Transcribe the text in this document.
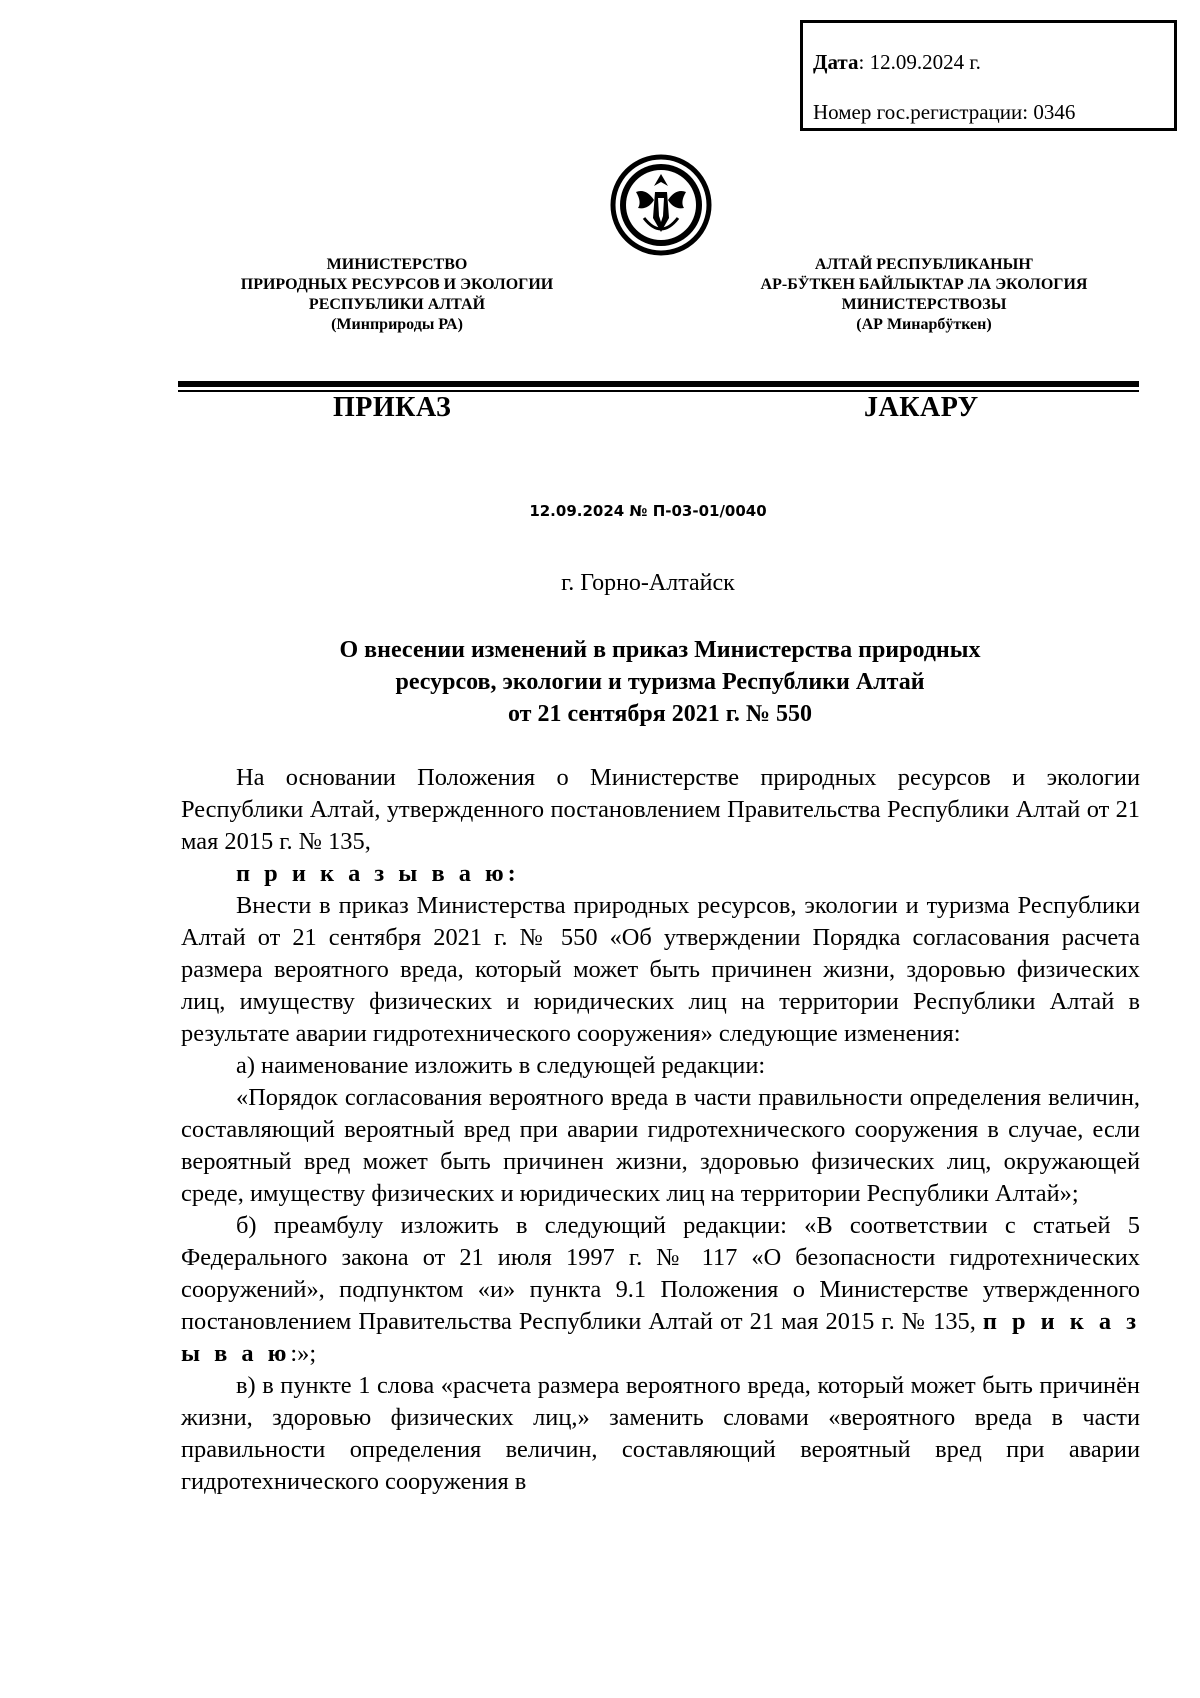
Дата: 12.09.2024 г.
Номер гос.регистрации: 0346
МИНИСТЕРСТВО
ПРИРОДНЫХ РЕСУРСОВ И ЭКОЛОГИИ
РЕСПУБЛИКИ АЛТАЙ
(Минприроды РА)
АЛТАЙ РЕСПУБЛИКАНЫҤ
АР-БӰТКЕН БАЙЛЫКТАР ЛА ЭКОЛОГИЯ
МИНИСТЕРСТВОЗЫ
(АР Минарбӱткен)
ПРИКАЗ	JАКАРУ
12.09.2024 № П-03-01/0040
г. Горно-Алтайск
О внесении изменений в приказ Министерства природных
ресурсов, экологии и туризма Республики Алтай
от 21 сентября 2021 г. № 550

На основании Положения о Министерстве природных ресурсов и экологии Республики Алтай, утвержденного постановлением Правительства Республики Алтай от 21 мая 2015 г. № 135,

п р и к а з ы в а ю:

Внести в приказ Министерства природных ресурсов, экологии и туризма Республики Алтай от 21 сентября 2021 г. № 550 «Об утверждении Порядка согласования расчета размера вероятного вреда, который может быть причинен жизни, здоровью физических лиц, имуществу физических и юридических лиц на территории Республики Алтай в результате аварии гидротехнического сооружения» следующие изменения:

а) наименование изложить в следующей редакции:

«Порядок согласования вероятного вреда в части правильности определения величин, составляющий вероятный вред при аварии гидротехнического сооружения в случае, если вероятный вред может быть причинен жизни, здоровью физических лиц, окружающей среде, имуществу физических и юридических лиц на территории Республики Алтай»;

б) преамбулу изложить в следующий редакции: «В соответствии с статьей 5 Федерального закона от 21 июля 1997 г. № 117 «О безопасности гидротехнических сооружений», подпунктом «и» пункта 9.1 Положения о Министерстве утвержденного постановлением Правительства Республики Алтай от 21 мая 2015 г. № 135, п р и к а з ы в а ю:»;

в) в пункте 1 слова «расчета размера вероятного вреда, который может быть причинён жизни, здоровью физических лиц,» заменить словами «вероятного вреда в части правильности определения величин, составляющий вероятный вред при аварии гидротехнического сооружения в
